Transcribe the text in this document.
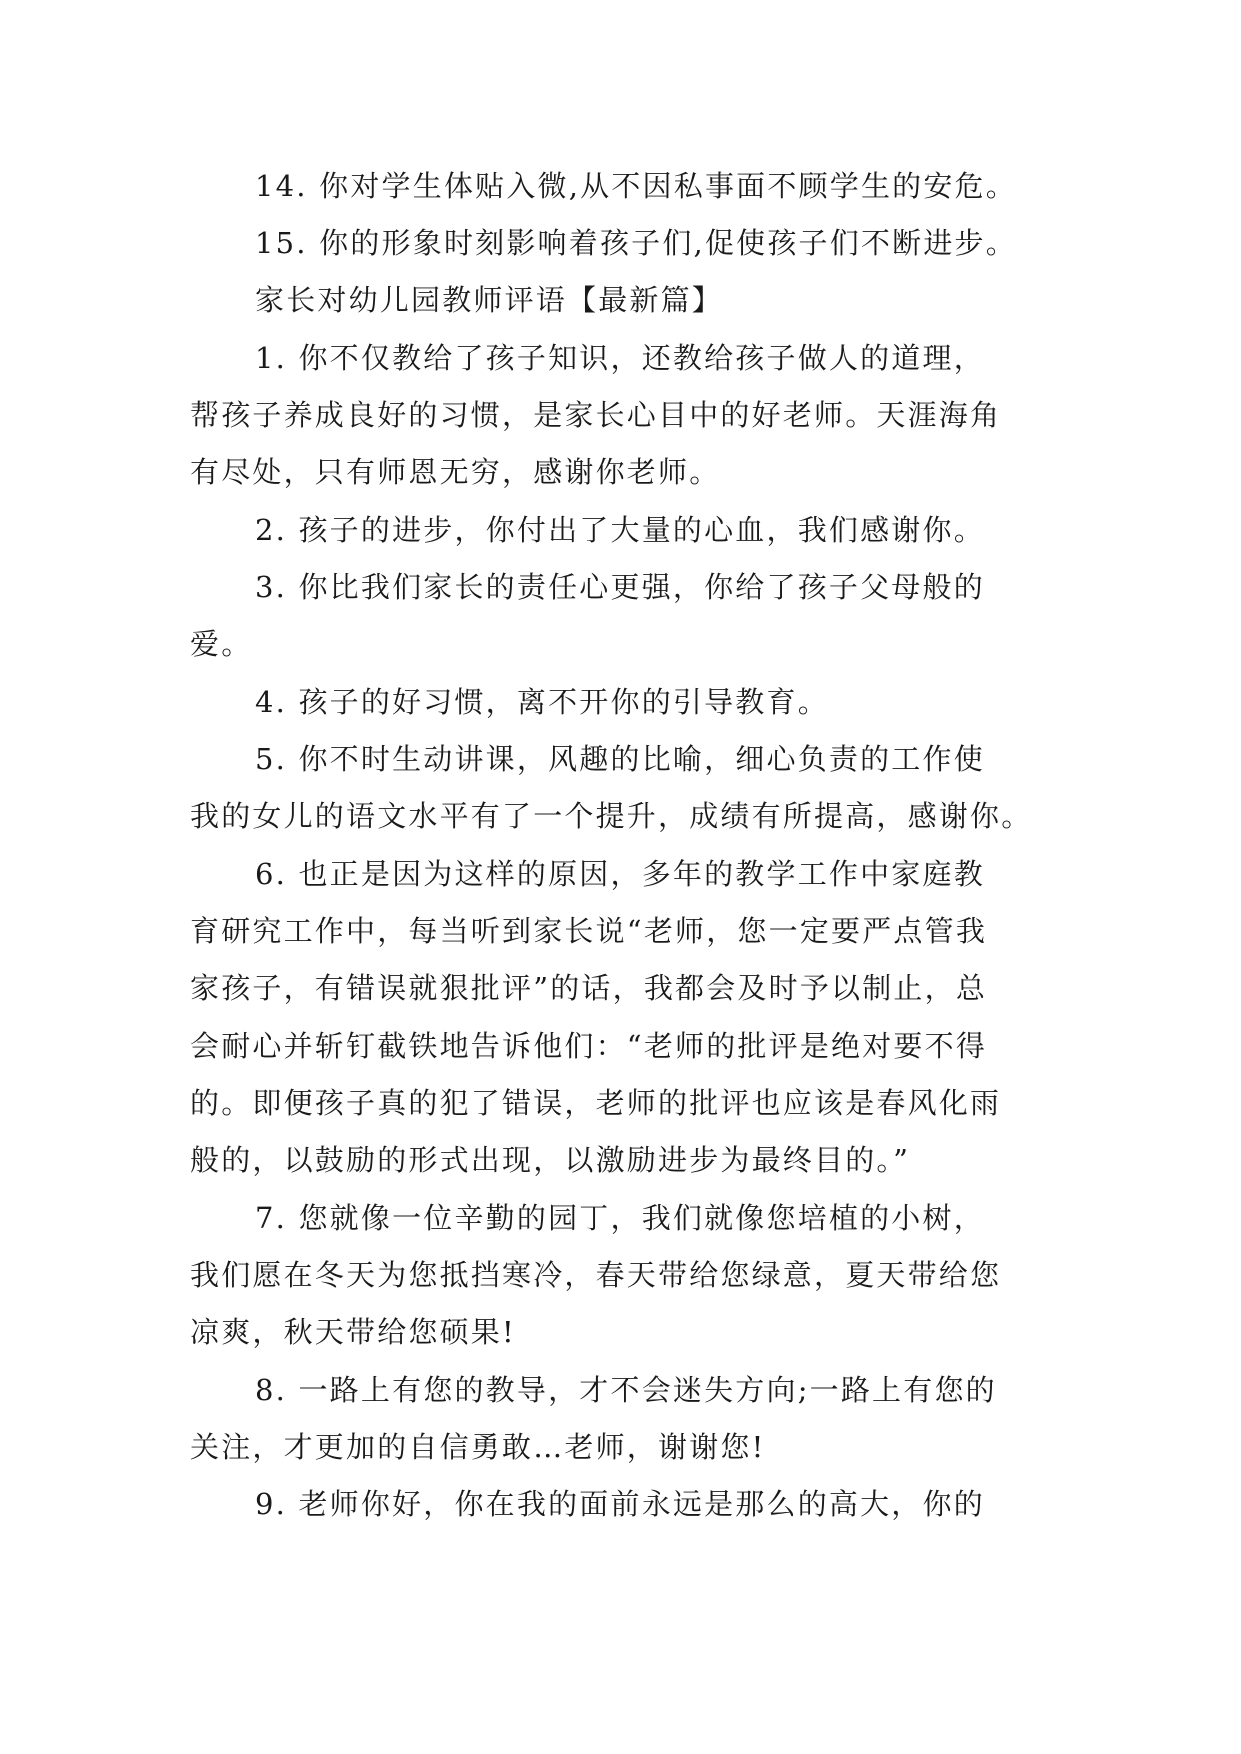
14. 你对学生体贴入微,从不因私事面不顾学生的安危。
15. 你的形象时刻影响着孩子们,促使孩子们不断进步。
家长对幼儿园教师评语【最新篇】
1. 你不仅教给了孩子知识，还教给孩子做人的道理，
帮孩子养成良好的习惯，是家长心目中的好老师。天涯海角
有尽处，只有师恩无穷，感谢你老师。
2. 孩子的进步，你付出了大量的心血，我们感谢你。
3. 你比我们家长的责任心更强，你给了孩子父母般的
爱。
4. 孩子的好习惯，离不开你的引导教育。
5. 你不时生动讲课，风趣的比喻，细心负责的工作使
我的女儿的语文水平有了一个提升，成绩有所提高，感谢你。
6. 也正是因为这样的原因，多年的教学工作中家庭教
育研究工作中，每当听到家长说“老师，您一定要严点管我
家孩子，有错误就狠批评”的话，我都会及时予以制止，总
会耐心并斩钉截铁地告诉他们：“老师的批评是绝对要不得
的。即便孩子真的犯了错误，老师的批评也应该是春风化雨
般的，以鼓励的形式出现，以激励进步为最终目的。”
7. 您就像一位辛勤的园丁，我们就像您培植的小树，
我们愿在冬天为您抵挡寒冷，春天带给您绿意，夏天带给您
凉爽，秋天带给您硕果!
8. 一路上有您的教导，才不会迷失方向;一路上有您的
关注，才更加的自信勇敢…老师，谢谢您!
9. 老师你好，你在我的面前永远是那么的高大，你的
